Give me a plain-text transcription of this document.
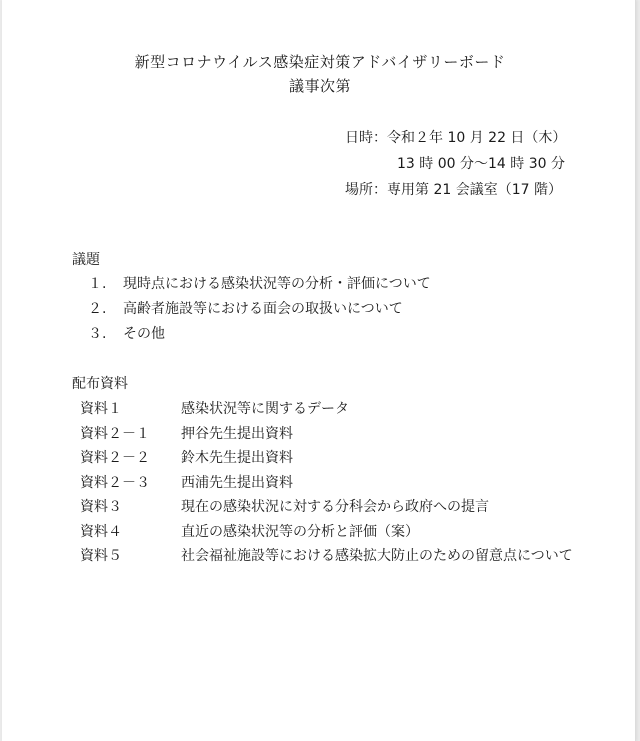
新型コロナウイルス感染症対策アドバイザリーボード
議事次第
日時： 令和２年 10 月 22 日（木）
13 時 00 分～14 時 30 分
場所： 専用第 21 会議室（17 階）
議題
１.	現時点における感染状況等の分析・評価について
２.	高齢者施設等における面会の取扱いについて
３.	その他
配布資料
資料１	感染状況等に関するデータ
資料２－１	押谷先生提出資料
資料２－２	鈴木先生提出資料
資料２－３	西浦先生提出資料
資料３	現在の感染状況に対する分科会から政府への提言
資料４	直近の感染状況等の分析と評価（案）
資料５	社会福祉施設等における感染拡大防止のための留意点について
